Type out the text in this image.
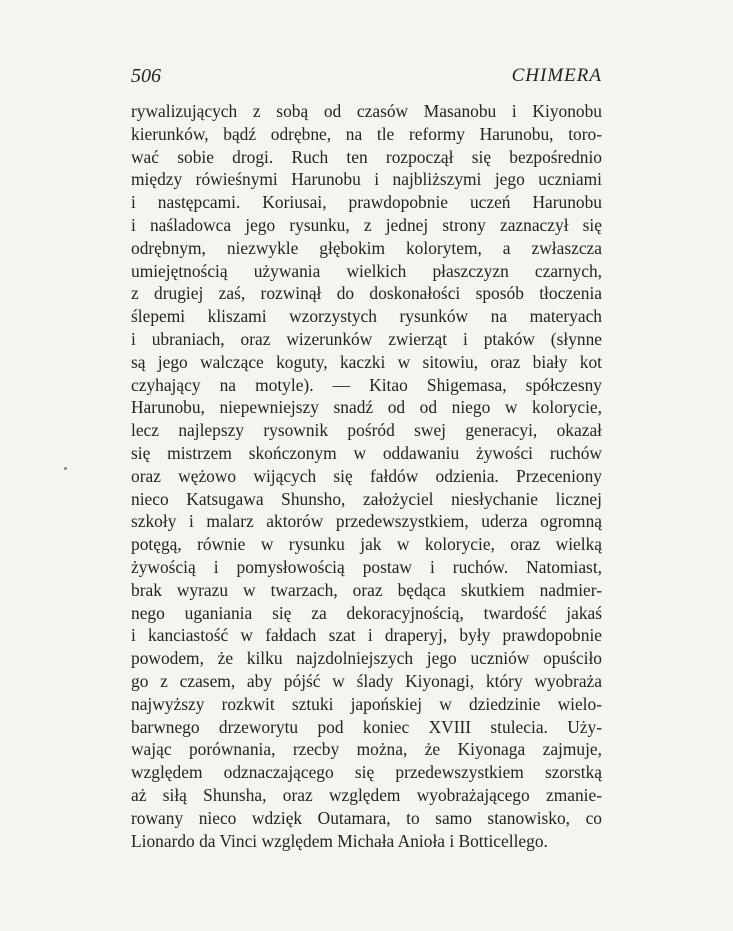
506	CHIMERA
rywalizujących z sobą od czasów Masanobu i Kiyonobu
kierunków, bądź odrębne, na tle reformy Harunobu, toro-
wać sobie drogi. Ruch ten rozpoczął się bezpośrednio
między rówieśnymi Harunobu i najbliższymi jego uczniami
i następcami. Koriusai, prawdopobnie uczeń Harunobu
i naśladowca jego rysunku, z jednej strony zaznaczył się
odrębnym, niezwykle głębokim kolorytem, a zwłaszcza
umiejętnością używania wielkich płaszczyzn czarnych,
z drugiej zaś, rozwinął do doskonałości sposób tłoczenia
ślepemi kliszami wzorzystych rysunków na materyach
i ubraniach, oraz wizerunków zwierząt i ptaków (słynne
są jego walczące koguty, kaczki w sitowiu, oraz biały kot
czyhający na motyle). — Kitao Shigemasa, spółczesny
Harunobu, niepewniejszy snadź od od niego w kolorycie,
lecz najlepszy rysownik pośród swej generacyi, okazał
się mistrzem skończonym w oddawaniu żywości ruchów
oraz wężowo wijących się fałdów odzienia. Przeceniony
nieco Katsugawa Shunsho, założyciel niesłychanie licznej
szkoły i malarz aktorów przedewszystkiem, uderza ogromną
potęgą, równie w rysunku jak w kolorycie, oraz wielką
żywością i pomysłowością postaw i ruchów. Natomiast,
brak wyrazu w twarzach, oraz będąca skutkiem nadmier-
nego uganiania się za dekoracyjnością, twardość jakaś
i kanciastość w fałdach szat i draperyj, były prawdopobnie
powodem, że kilku najzdolniejszych jego uczniów opuściło
go z czasem, aby pójść w ślady Kiyonagi, który wyobraża
najwyższy rozkwit sztuki japońskiej w dziedzinie wielo-
barwnego drzeworytu pod koniec XVIII stulecia. Uży-
wając porównania, rzecby można, że Kiyonaga zajmuje,
względem odznaczającego się przedewszystkiem szorstką
aż siłą Shunsha, oraz względem wyobrażającego zmanie-
rowany nieco wdzięk Outamara, to samo stanowisko, co
Lionardo da Vinci względem Michała Anioła i Botticellego.
